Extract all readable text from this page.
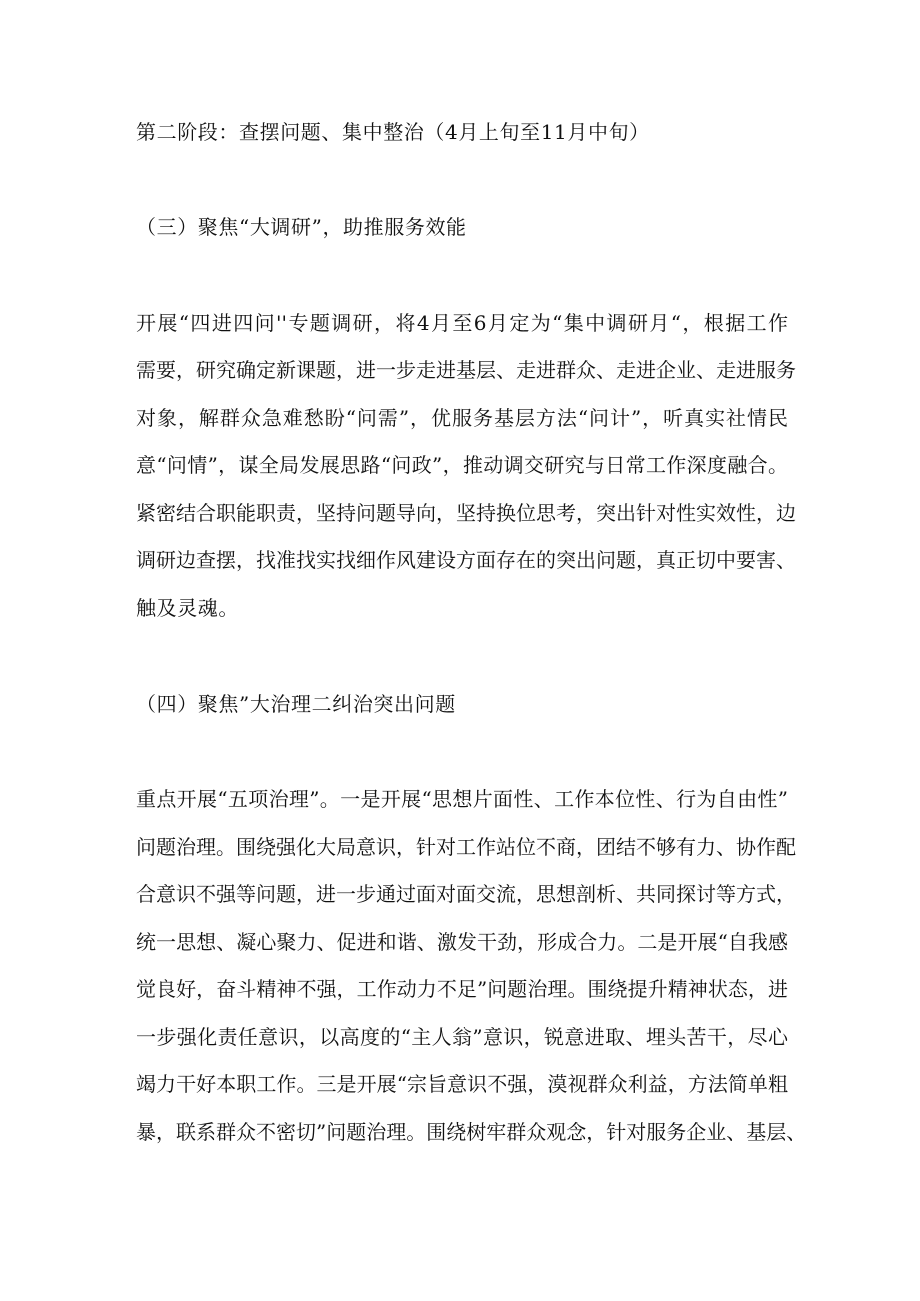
第二阶段：查摆问题、集中整治（4月上旬至11月中旬）
（三）聚焦“大调研”，助推服务效能
开展“四进四问''专题调研，将4月至6月定为“集中调研月“，根据工作
需要，研究确定新课题，进一步走进基层、走进群众、走进企业、走进服务
对象，解群众急难愁盼“问需”，优服务基层方法“问计”，听真实社情民
意“问情”，谋全局发展思路“问政”，推动调交研究与日常工作深度融合。
紧密结合职能职责，坚持问题导向，坚持换位思考，突出针对性实效性，边
调研边查摆，找准找实找细作风建设方面存在的突出问题，真正切中要害、
触及灵魂。
（四）聚焦”大治理二纠治突出问题
重点开展“五项治理”。一是开展“思想片面性、工作本位性、行为自由性”
问题治理。围绕强化大局意识，针对工作站位不商，团结不够有力、协作配
合意识不强等问题，进一步通过面对面交流，思想剖析、共同探讨等方式，
统一思想、凝心聚力、促进和谐、激发干劲，形成合力。二是开展“自我感
觉良好，奋斗精神不强，工作动力不足”问题治理。围绕提升精神状态，进
一步强化责任意识，以高度的“主人翁”意识，锐意进取、埋头苦干，尽心
竭力干好本职工作。三是开展“宗旨意识不强，漠视群众利益，方法简单粗
暴，联系群众不密切”问题治理。围绕树牢群众观念，针对服务企业、基层、
